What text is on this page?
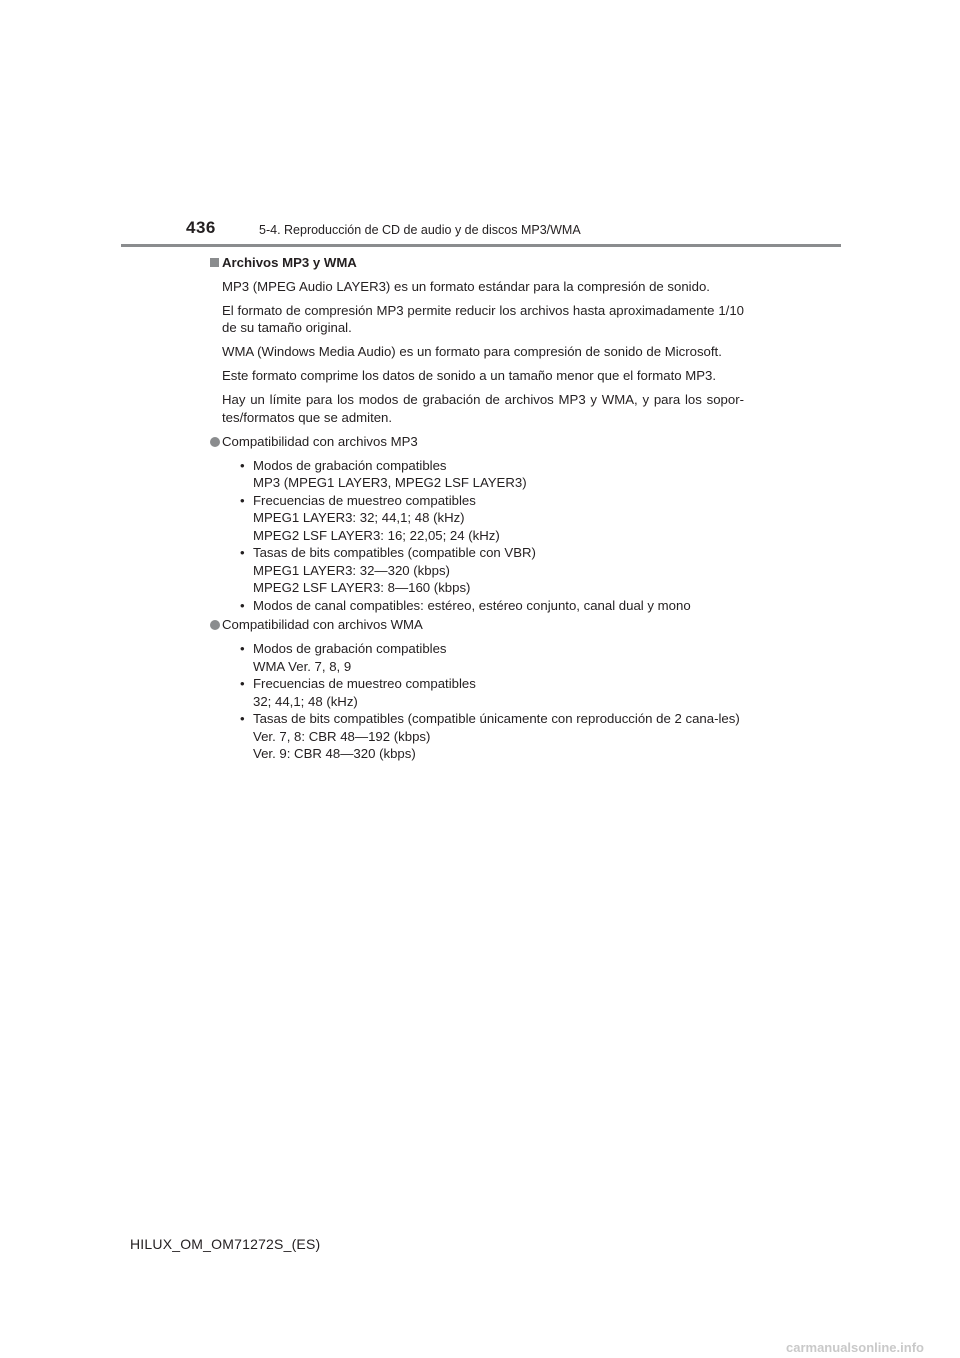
436	5-4. Reproducción de CD de audio y de discos MP3/WMA
Archivos MP3 y WMA

MP3 (MPEG Audio LAYER3) es un formato estándar para la compresión de sonido.

El formato de compresión MP3 permite reducir los archivos hasta aproximadamente 1/10 de su tamaño original.

WMA (Windows Media Audio) es un formato para compresión de sonido de Microsoft.

Este formato comprime los datos de sonido a un tamaño menor que el formato MP3.

Hay un límite para los modos de grabación de archivos MP3 y WMA, y para los sopor-tes/formatos que se admiten.

Compatibilidad con archivos MP3
• Modos de grabación compatibles
MP3 (MPEG1 LAYER3, MPEG2 LSF LAYER3)
• Frecuencias de muestreo compatibles
MPEG1 LAYER3: 32; 44,1; 48 (kHz)
MPEG2 LSF LAYER3: 16; 22,05; 24 (kHz)
• Tasas de bits compatibles (compatible con VBR)
MPEG1 LAYER3: 32—320 (kbps)
MPEG2 LSF LAYER3: 8—160 (kbps)
• Modos de canal compatibles: estéreo, estéreo conjunto, canal dual y mono
Compatibilidad con archivos WMA
• Modos de grabación compatibles
WMA Ver. 7, 8, 9
• Frecuencias de muestreo compatibles
32; 44,1; 48 (kHz)
• Tasas de bits compatibles (compatible únicamente con reproducción de 2 cana-les)
Ver. 7, 8: CBR 48—192 (kbps)
Ver. 9: CBR 48—320 (kbps)
HILUX_OM_OM71272S_(ES)
carmanualsonline.info
